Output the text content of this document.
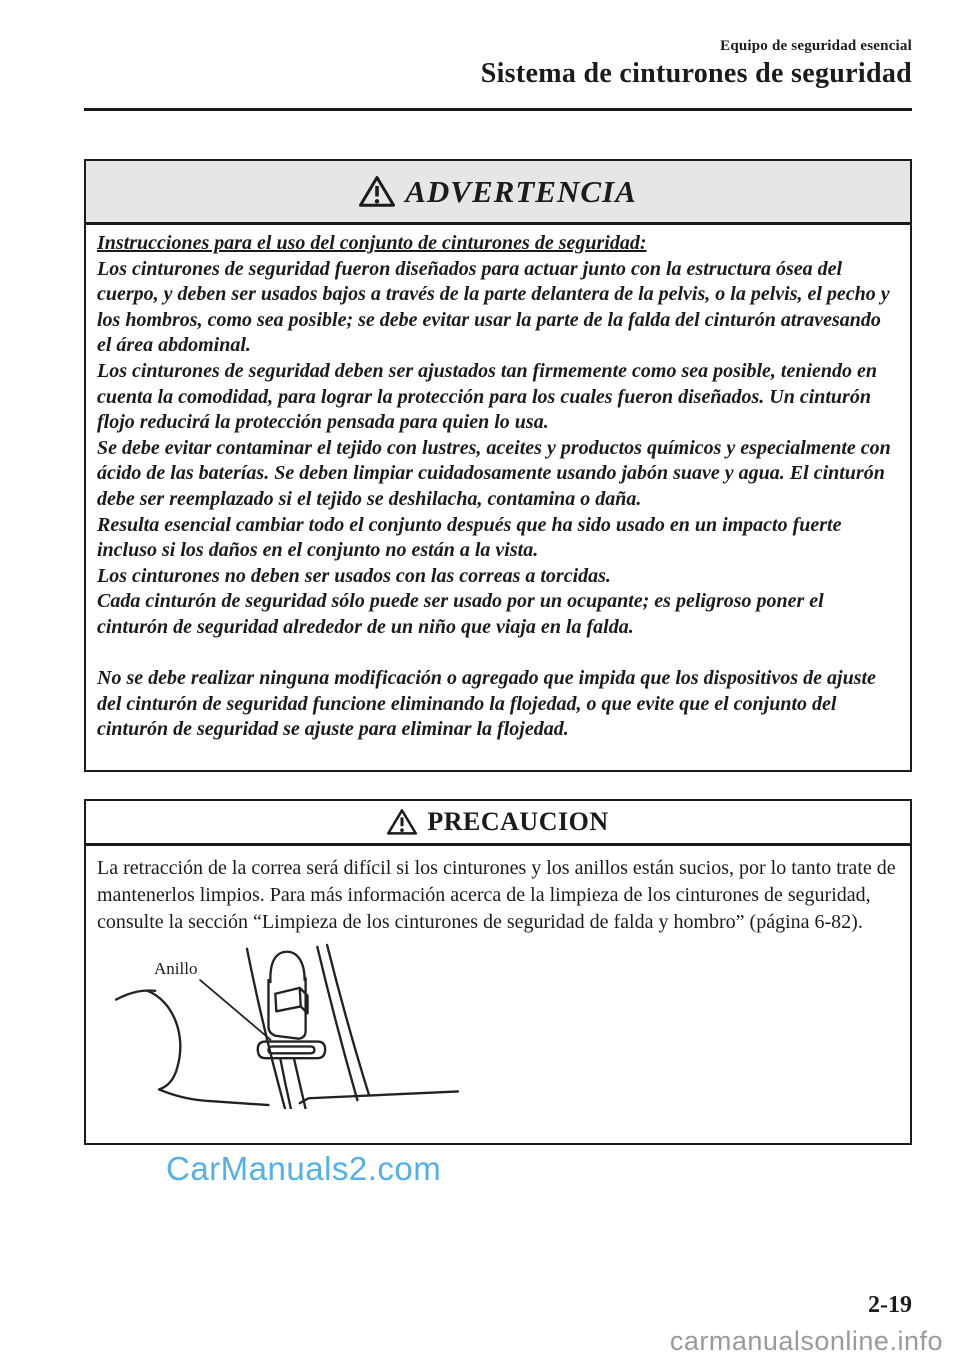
Equipo de seguridad esencial
Sistema de cinturones de seguridad
ADVERTENCIA

Instrucciones para el uso del conjunto de cinturones de seguridad:

Los cinturones de seguridad fueron diseñados para actuar junto con la estructura ósea del cuerpo, y deben ser usados bajos a través de la parte delantera de la pelvis, o la pelvis, el pecho y los hombros, como sea posible; se debe evitar usar la parte de la falda del cinturón atravesando el área abdominal.

Los cinturones de seguridad deben ser ajustados tan firmemente como sea posible, teniendo en cuenta la comodidad, para lograr la protección para los cuales fueron diseñados. Un cinturón flojo reducirá la protección pensada para quien lo usa.

Se debe evitar contaminar el tejido con lustres, aceites y productos químicos y especialmente con ácido de las baterías. Se deben limpiar cuidadosamente usando jabón suave y agua. El cinturón debe ser reemplazado si el tejido se deshilacha, contamina o daña.

Resulta esencial cambiar todo el conjunto después que ha sido usado en un impacto fuerte incluso si los daños en el conjunto no están a la vista.

Los cinturones no deben ser usados con las correas a torcidas.

Cada cinturón de seguridad sólo puede ser usado por un ocupante; es peligroso poner el cinturón de seguridad alrededor de un niño que viaja en la falda.

No se debe realizar ninguna modificación o agregado que impida que los dispositivos de ajuste del cinturón de seguridad funcione eliminando la flojedad, o que evite que el conjunto del cinturón de seguridad se ajuste para eliminar la flojedad.

PRECAUCION

La retracción de la correa será difícil si los cinturones y los anillos están sucios, por lo tanto trate de mantenerlos limpios. Para más información acerca de la limpieza de los cinturones de seguridad, consulte la sección “Limpieza de los cinturones de seguridad de falda y hombro” (página 6-82).

Anillo
CarManuals2.com
2-19
carmanualsonline.info
